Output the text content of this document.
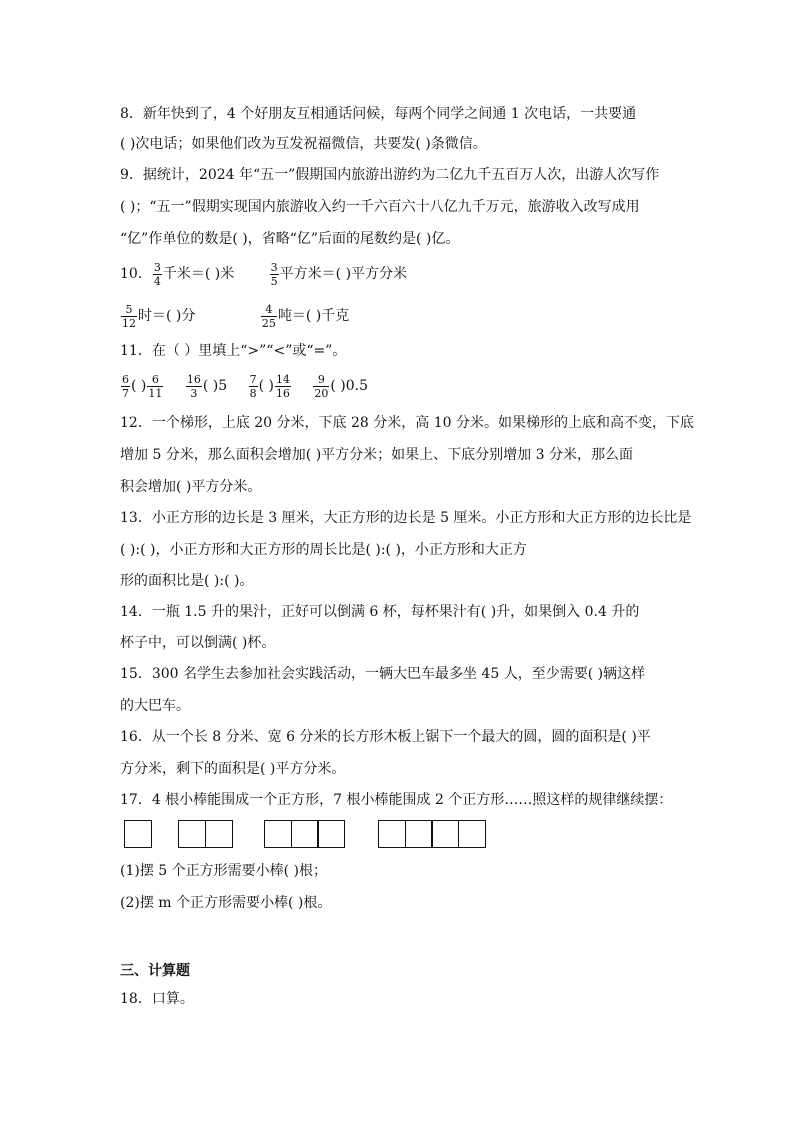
8．新年快到了，4 个好朋友互相通话问候，每两个同学之间通 1 次电话，一共要通
( )次电话；如果他们改为互发祝福微信，共要发( )条微信。
9．据统计，2024 年“五一”假期国内旅游出游约为二亿九千五百万人次，出游人次写作
( )；“五一”假期实现国内旅游收入约一千六百六十八亿九千万元，旅游收入改写成用
“亿”作单位的数是( )，省略“亿”后面的尾数约是( )亿。
10． $\frac{3}{4}$ 千米＝( )米	$\frac{3}{5}$ 平方米＝( )平方分米
$\frac{5}{12}$ 时＝( )分	$\frac{4}{25}$ 吨＝( )千克
11．在（ ）里填上“>”“<”或“=”。
$\frac{6}{7}$ ( ) $\frac{6}{11}$
$\frac{16}{3}$ ( )$5 \frac{7}{8}$ ( ) $\frac{14}{16}$
$\frac{9}{20}$ ( )0.5
12．一个梯形，上底 20 分米，下底 28 分米，高 10 分米。如果梯形的上底和高不变，下底
增加 5 分米，那么面积会增加( )平方分米；如果上、下底分别增加 3 分米，那么面
积会增加( )平方分米。
13．小正方形的边长是 3 厘米，大正方形的边长是 5 厘米。小正方形和大正方形的边长比是
( ):( )，小正方形和大正方形的周长比是( ):( )，小正方形和大正方
形的面积比是( ):( )。
14．一瓶 1.5 升的果汁，正好可以倒满 6 杯，每杯果汁有( )升，如果倒入 0.4 升的
杯子中，可以倒满( )杯。
15．300 名学生去参加社会实践活动，一辆大巴车最多坐 45 人，至少需要( )辆这样
的大巴车。
16．从一个长 8 分米、宽 6 分米的长方形木板上锯下一个最大的圆，圆的面积是( )平
方分米，剩下的面积是( )平方分米。
17．4 根小棒能围成一个正方形，7 根小棒能围成 2 个正方形……照这样的规律继续摆：
(1)摆 5 个正方形需要小棒( )根；
(2)摆 m 个正方形需要小棒( )根。
三、计算题
18．口算。
